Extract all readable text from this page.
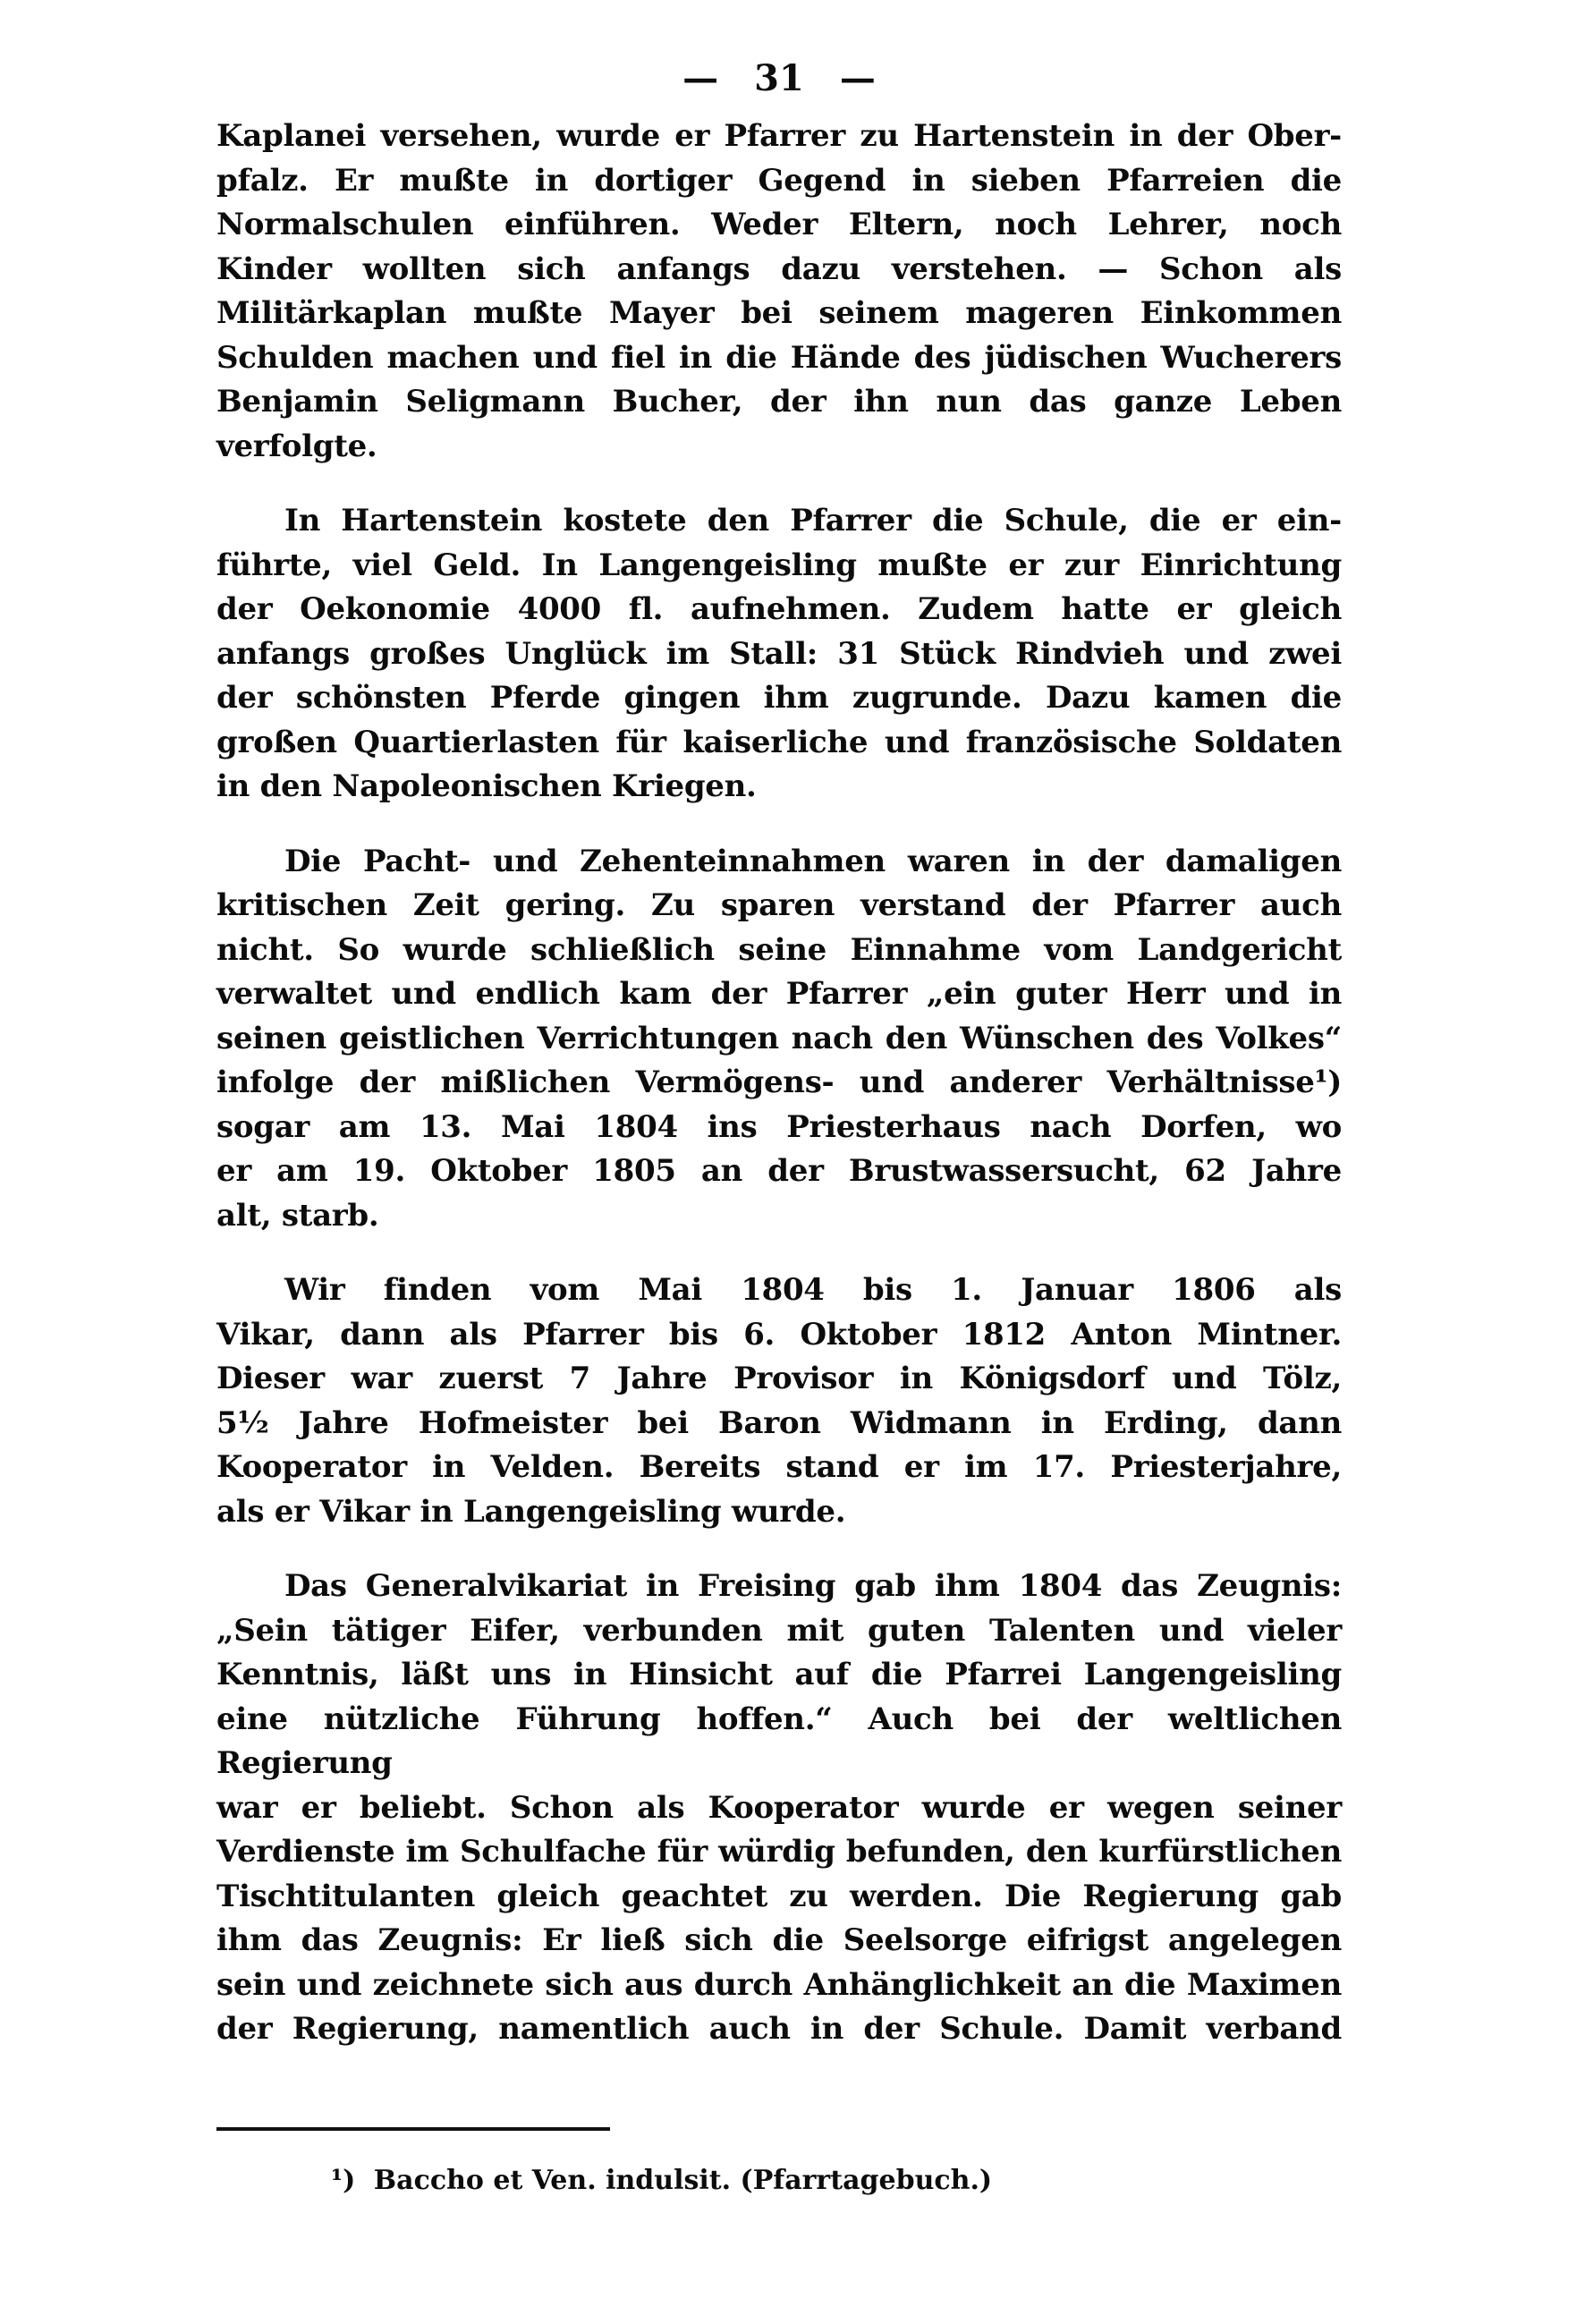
— 31 —

Kaplanei versehen, wurde er Pfarrer zu Hartenstein in der Ober-
pfalz. Er mußte in dortiger Gegend in sieben Pfarreien die
Normalschulen einführen. Weder Eltern, noch Lehrer, noch
Kinder wollten sich anfangs dazu verstehen. — Schon als
Militärkaplan mußte Mayer bei seinem mageren Einkommen
Schulden machen und fiel in die Hände des jüdischen Wucherers
Benjamin Seligmann Bucher, der ihn nun das ganze Leben
verfolgte.

In Hartenstein kostete den Pfarrer die Schule, die er ein-
führte, viel Geld. In Langengeisling mußte er zur Einrichtung
der Oekonomie 4000 fl. aufnehmen. Zudem hatte er gleich
anfangs großes Unglück im Stall: 31 Stück Rindvieh und zwei
der schönsten Pferde gingen ihm zugrunde. Dazu kamen die
großen Quartierlasten für kaiserliche und französische Soldaten
in den Napoleonischen Kriegen.

Die Pacht- und Zehenteinnahmen waren in der damaligen
kritischen Zeit gering. Zu sparen verstand der Pfarrer auch
nicht. So wurde schließlich seine Einnahme vom Landgericht
verwaltet und endlich kam der Pfarrer „ein guter Herr und in
seinen geistlichen Verrichtungen nach den Wünschen des Volkes“
infolge der mißlichen Vermögens- und anderer Verhältnisse¹)
sogar am 13. Mai 1804 ins Priesterhaus nach Dorfen, wo
er am 19. Oktober 1805 an der Brustwassersucht, 62 Jahre
alt, starb.

Wir finden vom Mai 1804 bis 1. Januar 1806 als
Vikar, dann als Pfarrer bis 6. Oktober 1812 Anton Mintner.
Dieser war zuerst 7 Jahre Provisor in Königsdorf und Tölz,
5½ Jahre Hofmeister bei Baron Widmann in Erding, dann
Kooperator in Velden. Bereits stand er im 17. Priesterjahre,
als er Vikar in Langengeisling wurde.

Das Generalvikariat in Freising gab ihm 1804 das Zeugnis:
„Sein tätiger Eifer, verbunden mit guten Talenten und vieler
Kenntnis, läßt uns in Hinsicht auf die Pfarrei Langengeisling
eine nützliche Führung hoffen.“ Auch bei der weltlichen Regierung
war er beliebt. Schon als Kooperator wurde er wegen seiner
Verdienste im Schulfache für würdig befunden, den kurfürstlichen
Tischtitulanten gleich geachtet zu werden. Die Regierung gab
ihm das Zeugnis: Er ließ sich die Seelsorge eifrigst angelegen
sein und zeichnete sich aus durch Anhänglichkeit an die Maximen
der Regierung, namentlich auch in der Schule. Damit verband

¹) Baccho et Ven. indulsit. (Pfarrtagebuch.)
